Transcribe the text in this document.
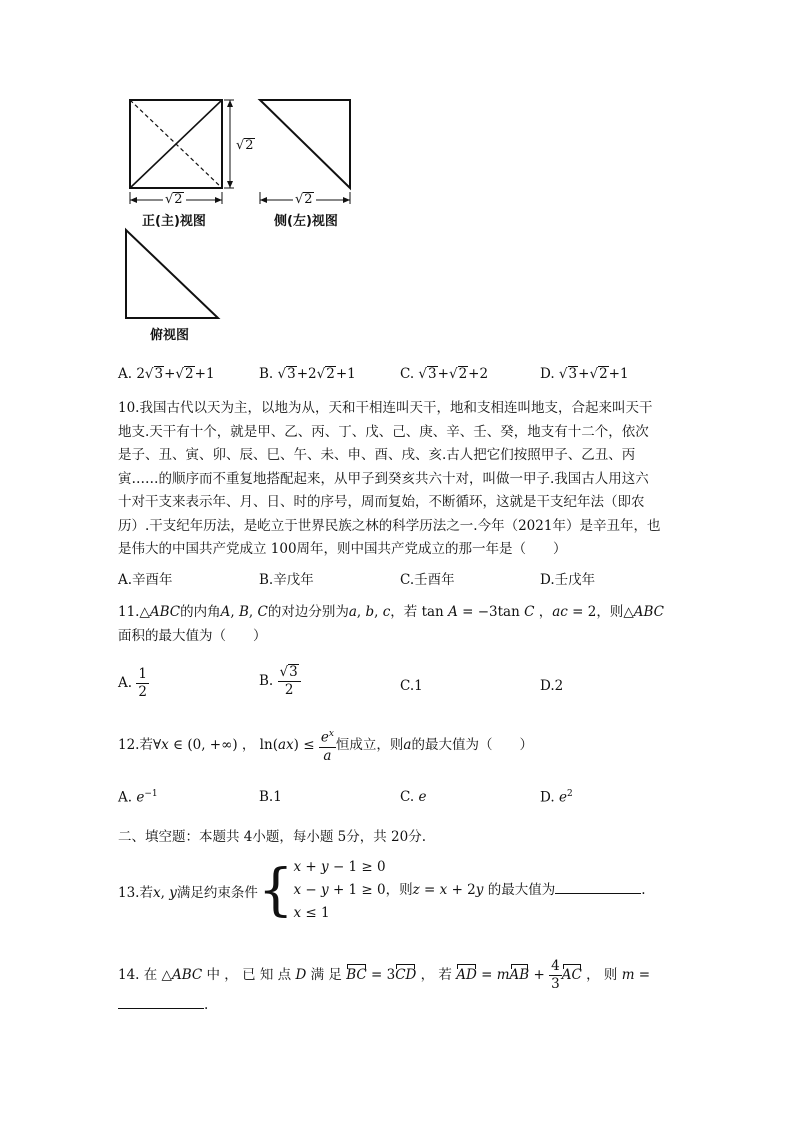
√2
√2	√2
正(主)视图	侧(左)视图
俯视图
A. 2√3+√2+1	B. √3+2√2+1	C. √3+√2+2	D. √3+√2+1
10.我国古代以天为主，以地为从，天和干相连叫天干，地和支相连叫地支，合起来叫天干
地支.天干有十个，就是甲、乙、丙、丁、戊、己、庚、辛、壬、癸，地支有十二个，依次
是子、丑、寅、卯、辰、巳、午、未、申、酉、戌、亥.古人把它们按照甲子、乙丑、丙
寅……的顺序而不重复地搭配起来，从甲子到癸亥共六十对，叫做一甲子.我国古人用这六
十对干支来表示年、月、日、时的序号，周而复始，不断循环，这就是干支纪年法（即农
历）.干支纪年历法，是屹立于世界民族之林的科学历法之一.今年（2021年）是辛丑年，也
是伟大的中国共产党成立 100周年，则中国共产党成立的那一年是（　　）
A.辛酉年	B.辛戊年	C.壬酉年	D.壬戊年
11.△ABC的内角A, B, C的对边分别为a, b, c，若 tan A = −3tan C ，ac = 2，则△ABC
面积的最大值为（　　）
A. $\frac{1}{2}$	B. $\frac{√3}{2}$	C.1	D.2
12.若∀x ∈ (0, +∞) ， $\ln(ax) \le \frac{e^x}{a}$ 恒成立，则a的最大值为（　　）
A. $e^{-1}$	B.1	C. e	D. $e^2$
二、填空题：本题共 4小题，每小题 5分，共 20分.
13.若x, y满足约束条件{ x + y − 1 ≥ 0
x − y + 1 ≥ 0，则z = x + 2y 的最大值为	.
x ≤ 1
14. 在 △ABC 中 ， 已 知 点 D 满 足 BC = 3CD ， 若 AD = mAB + $\frac{4}{3}$ AC ， 则 m =
.
